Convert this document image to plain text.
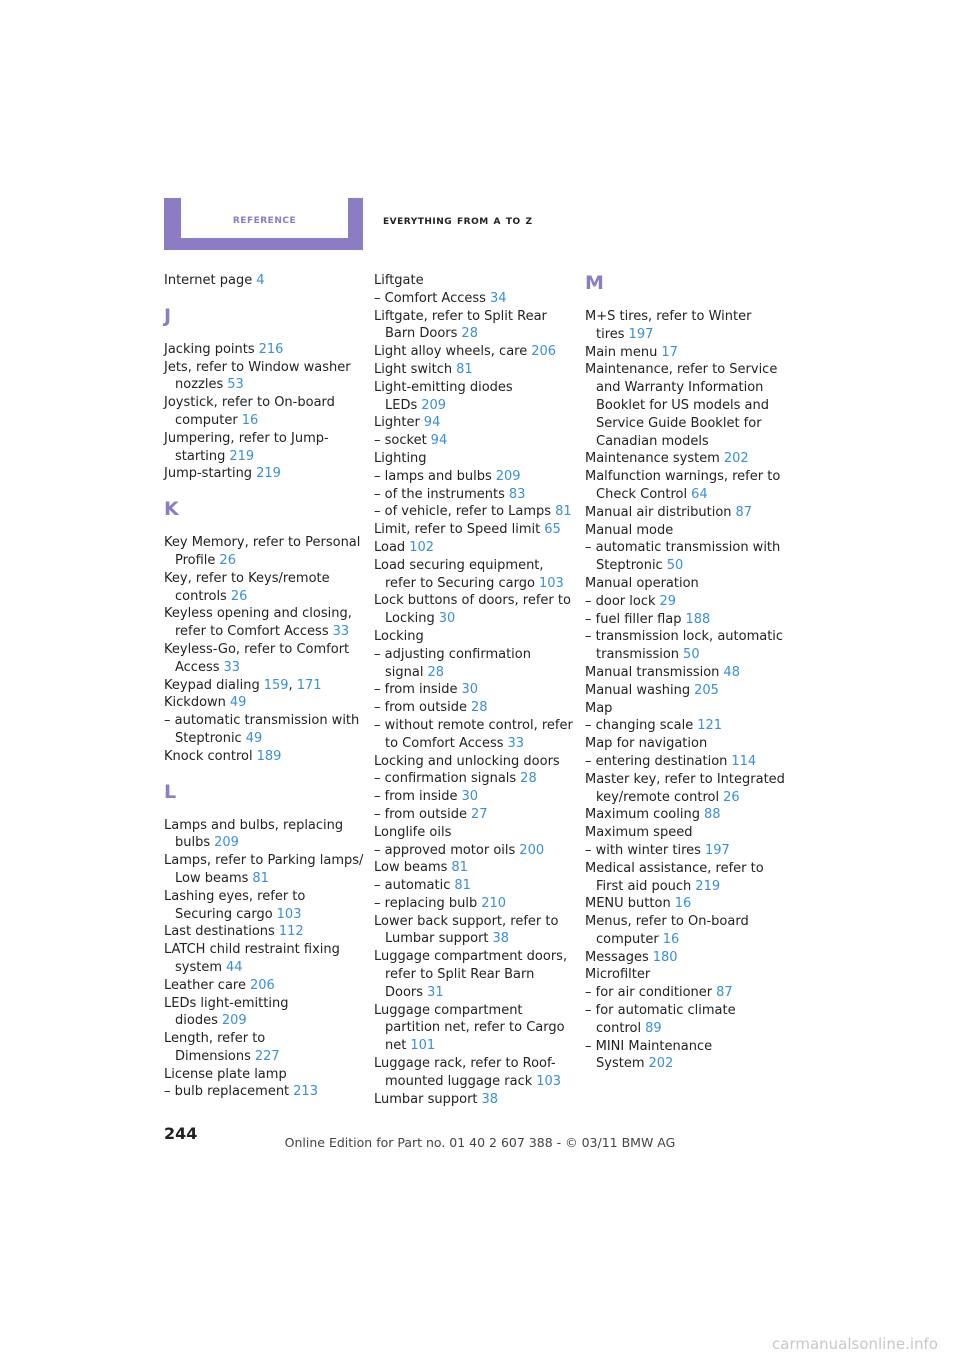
reference	everything from a to z
Internet page 4
J
Jacking points 216
Jets, refer to Window washer nozzles 53
Joystick, refer to On-board computer 16
Jumpering, refer to Jump-starting 219
Jump-starting 219
K
Key Memory, refer to Personal Profile 26
Key, refer to Keys/remote controls 26
Keyless opening and closing, refer to Comfort Access 33
Keyless-Go, refer to Comfort Access 33
Keypad dialing 159, 171
Kickdown 49
– automatic transmission with Steptronic 49
Knock control 189
L
Lamps and bulbs, replacing bulbs 209
Lamps, refer to Parking lamps/ Low beams 81
Lashing eyes, refer to Securing cargo 103
Last destinations 112
LATCH child restraint fixing system 44
Leather care 206
LEDs light-emitting diodes 209
Length, refer to Dimensions 227
License plate lamp
– bulb replacement 213
Liftgate
– Comfort Access 34
Liftgate, refer to Split Rear Barn Doors 28
Light alloy wheels, care 206
Light switch 81
Light-emitting diodes LEDs 209
Lighter 94
– socket 94
Lighting
– lamps and bulbs 209
– of the instruments 83
– of vehicle, refer to Lamps 81
Limit, refer to Speed limit 65
Load 102
Load securing equipment, refer to Securing cargo 103
Lock buttons of doors, refer to Locking 30
Locking
– adjusting confirmation signal 28
– from inside 30
– from outside 28
– without remote control, refer to Comfort Access 33
Locking and unlocking doors
– confirmation signals 28
– from inside 30
– from outside 27
Longlife oils
– approved motor oils 200
Low beams 81
– automatic 81
– replacing bulb 210
Lower back support, refer to Lumbar support 38
Luggage compartment doors, refer to Split Rear Barn Doors 31
Luggage compartment partition net, refer to Cargo net 101
Luggage rack, refer to Roof-mounted luggage rack 103
Lumbar support 38
M
M+S tires, refer to Winter tires 197
Main menu 17
Maintenance, refer to Service and Warranty Information Booklet for US models and Service Guide Booklet for Canadian models
Maintenance system 202
Malfunction warnings, refer to Check Control 64
Manual air distribution 87
Manual mode
– automatic transmission with Steptronic 50
Manual operation
– door lock 29
– fuel filler flap 188
– transmission lock, automatic transmission 50
Manual transmission 48
Manual washing 205
Map
– changing scale 121
Map for navigation
– entering destination 114
Master key, refer to Integrated key/remote control 26
Maximum cooling 88
Maximum speed
– with winter tires 197
Medical assistance, refer to First aid pouch 219
MENU button 16
Menus, refer to On-board computer 16
Messages 180
Microfilter
– for air conditioner 87
– for automatic climate control 89
– MINI Maintenance System 202
244	Online Edition for Part no. 01 40 2 607 388 - © 03/11 BMW AG
carmanualsonline.info
